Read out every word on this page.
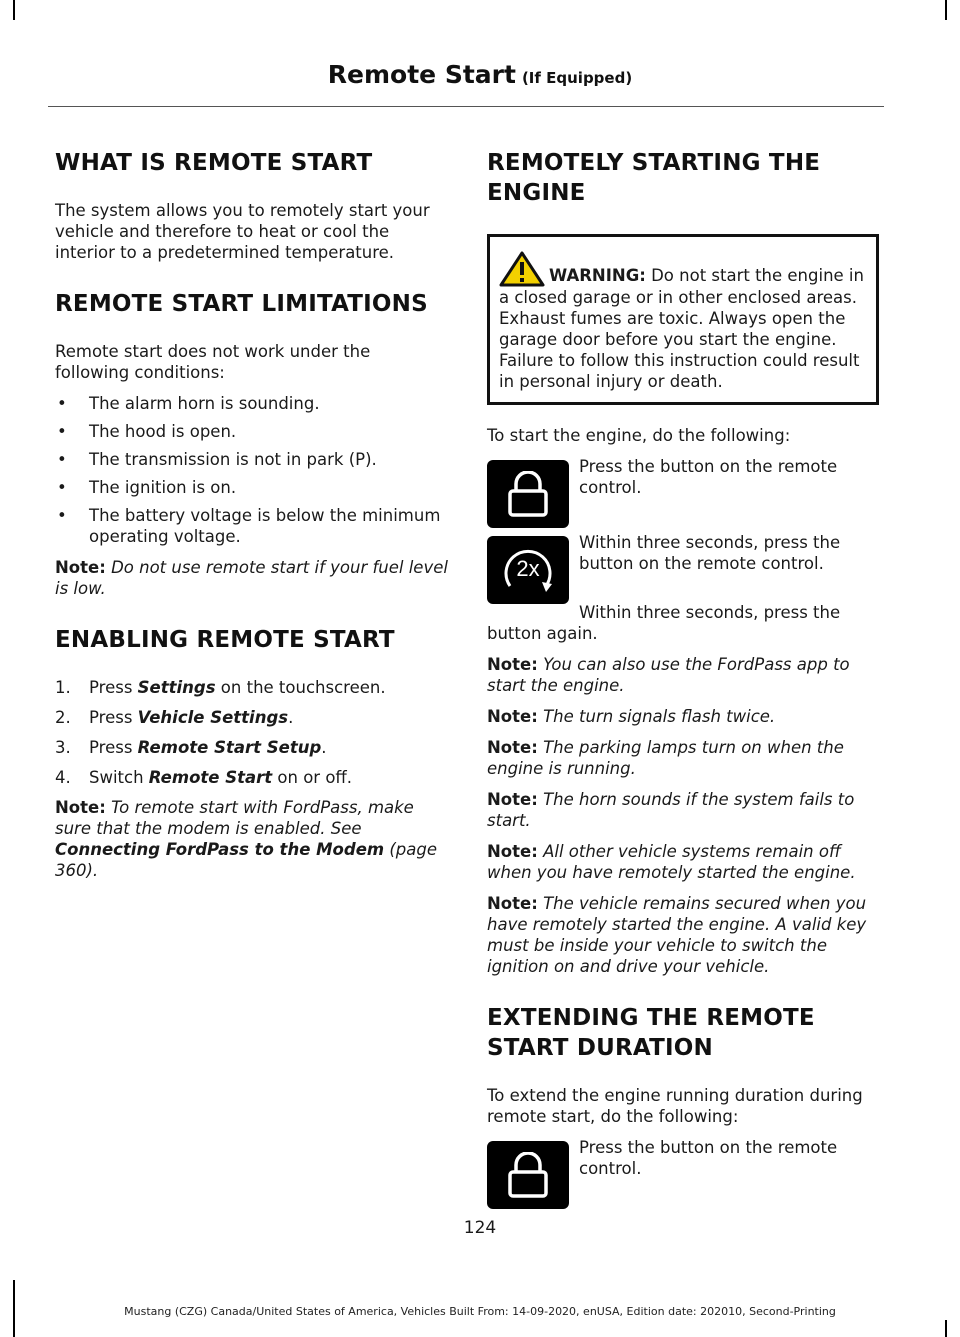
Remote Start (If Equipped)
WHAT IS REMOTE START

The system allows you to remotely start your vehicle and therefore to heat or cool the interior to a predetermined temperature.

REMOTE START LIMITATIONS

Remote start does not work under the following conditions:

• The alarm horn is sounding.
• The hood is open.
• The transmission is not in park (P).
• The ignition is on.
• The battery voltage is below the minimum operating voltage.

Note: Do not use remote start if your fuel level is low.

ENABLING REMOTE START
1. Press Settings on the touchscreen.
2. Press Vehicle Settings.
3. Press Remote Start Setup.
4. Switch Remote Start on or off.

Note: To remote start with FordPass, make sure that the modem is enabled. See Connecting FordPass to the Modem (page 360).

REMOTELY STARTING THE
ENGINE
WARNING: Do not start the engine in a closed garage or in other enclosed areas. Exhaust fumes are toxic. Always open the garage door before you start the engine. Failure to follow this instruction could result in personal injury or death.

To start the engine, do the following:

Press the button on the remote control.
2x
Within three seconds, press the button on the remote control.

Within three seconds, press the button again.

Note: You can also use the FordPass app to start the engine.

Note: The turn signals flash twice.

Note: The parking lamps turn on when the engine is running.

Note: The horn sounds if the system fails to start.

Note: All other vehicle systems remain off when you have remotely started the engine.

Note: The vehicle remains secured when you have remotely started the engine. A valid key must be inside your vehicle to switch the ignition on and drive your vehicle.

EXTENDING THE REMOTE
START DURATION

To extend the engine running duration during remote start, do the following:

Press the button on the remote control.
124
Mustang (CZG) Canada/United States of America, Vehicles Built From: 14-09-2020, enUSA, Edition date: 202010, Second-Printing
